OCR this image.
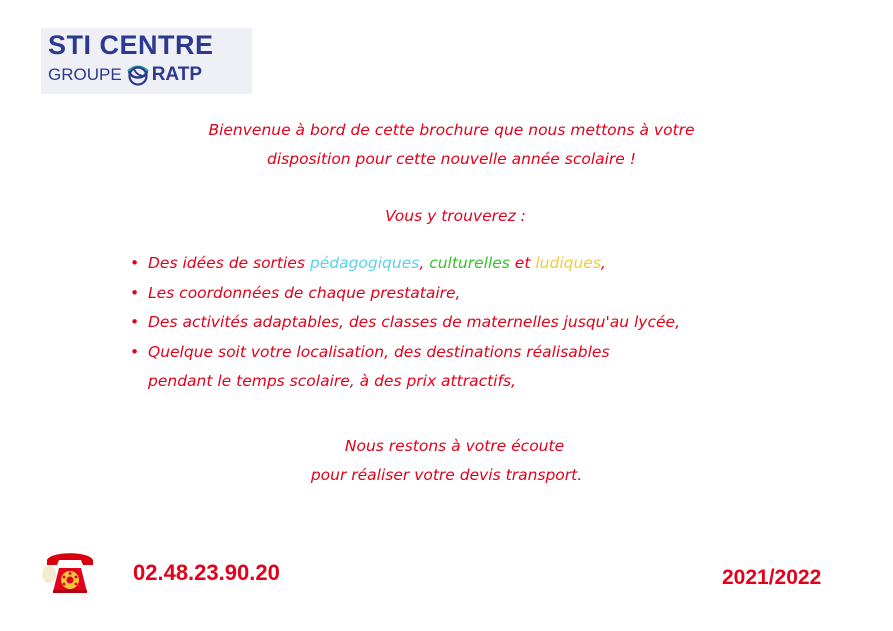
STI CENTRE
GROUPE RATP
Bienvenue à bord de cette brochure que nous mettons à votre
disposition pour cette nouvelle année scolaire !
Vous y trouverez :
• Des idées de sorties pédagogiques, culturelles et ludiques,
• Les coordonnées de chaque prestataire,
• Des activités adaptables, des classes de maternelles jusqu'au lycée,
• Quelque soit votre localisation, des destinations réalisables
pendant le temps scolaire, à des prix attractifs,
Nous restons à votre écoute
pour réaliser votre devis transport.
02.48.23.90.20	2021/2022
